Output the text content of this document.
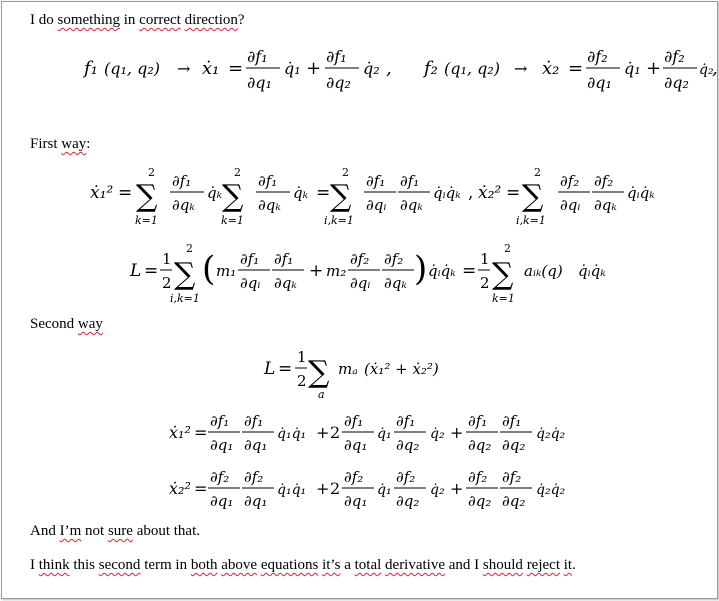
I do something in correct direction?
f₁ (q₁, q₂) → ẋ₁ =
∂f₁
∂q₁
q̇₁ +
∂f₁
∂q₂
q̇₂ , f₂ (q₁, q₂) → ẋ₂ =
∂f₂
∂q₁
q̇₁ +
∂f₂
∂q₂
q̇₂
,
First way:
ẋ₁² =
2
∑
k=1
∂f₁
∂qₖ
q̇ₖ
2
∑
k=1
∂f₁
∂qₖ
q̇ₖ =
2
∑
i,k=1
∂f₁
∂qᵢ
∂f₁
∂qₖ
q̇ᵢq̇ₖ , ẋ₂² =
2
∑
i,k=1
∂f₂
∂qᵢ
∂f₂
∂qₖ
q̇ᵢq̇ₖ
L =
1
2
2
∑
i,k=1
( m₁
∂f₁
∂qᵢ
∂f₁
∂qₖ
+ m₂
∂f₂
∂qᵢ
∂f₂
∂qₖ ) q̇ᵢq̇ₖ =
1
2
2
∑
k=1
aᵢₖ(q) q̇ᵢq̇ₖ
Second way
L =
1
2 ∑
a
mₐ (ẋ₁² + ẋ₂²)
ẋ₁² =
∂f₁
∂q₁
∂f₁
∂q₁
q̇₁q̇₁ + 2
∂f₁
∂q₁
q̇₁
∂f₁
∂q₂
q̇₂ +
∂f₁
∂q₂
∂f₁
∂q₂
q̇₂q̇₂
ẋ₂² =
∂f₂
∂q₁
∂f₂
∂q₁
q̇₁q̇₁ + 2
∂f₂
∂q₁
q̇₁
∂f₂
∂q₂
q̇₂ +
∂f₂
∂q₂
∂f₂
∂q₂
q̇₂q̇₂
And I’m not sure about that.
I think this second term in both above equations it’s a total derivative and I should reject it.
